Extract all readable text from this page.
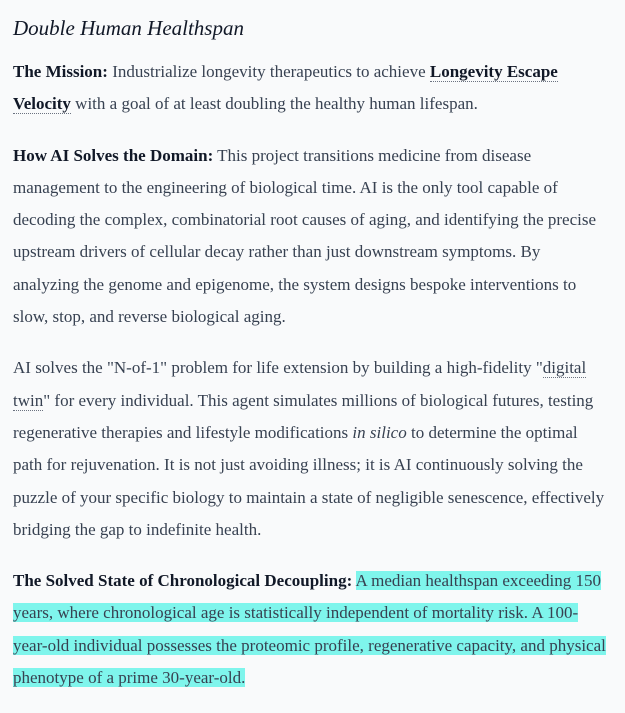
Double Human Healthspan

The Mission: Industrialize longevity therapeutics to achieve Longevity Escape Velocity with a goal of at least doubling the healthy human lifespan.

How AI Solves the Domain: This project transitions medicine from disease management to the engineering of biological time. AI is the only tool capable of decoding the complex, combinatorial root causes of aging, and identifying the precise upstream drivers of cellular decay rather than just downstream symptoms. By analyzing the genome and epigenome, the system designs bespoke interventions to slow, stop, and reverse biological aging.

AI solves the "N-of-1" problem for life extension by building a high-fidelity "digital twin" for every individual. This agent simulates millions of biological futures, testing regenerative therapies and lifestyle modifications in silico to determine the optimal path for rejuvenation. It is not just avoiding illness; it is AI continuously solving the puzzle of your specific biology to maintain a state of negligible senescence, effectively bridging the gap to indefinite health.

The Solved State of Chronological Decoupling: A median healthspan exceeding 150 years, where chronological age is statistically independent of mortality risk. A 100-year-old individual possesses the proteomic profile, regenerative capacity, and physical phenotype of a prime 30-year-old.
